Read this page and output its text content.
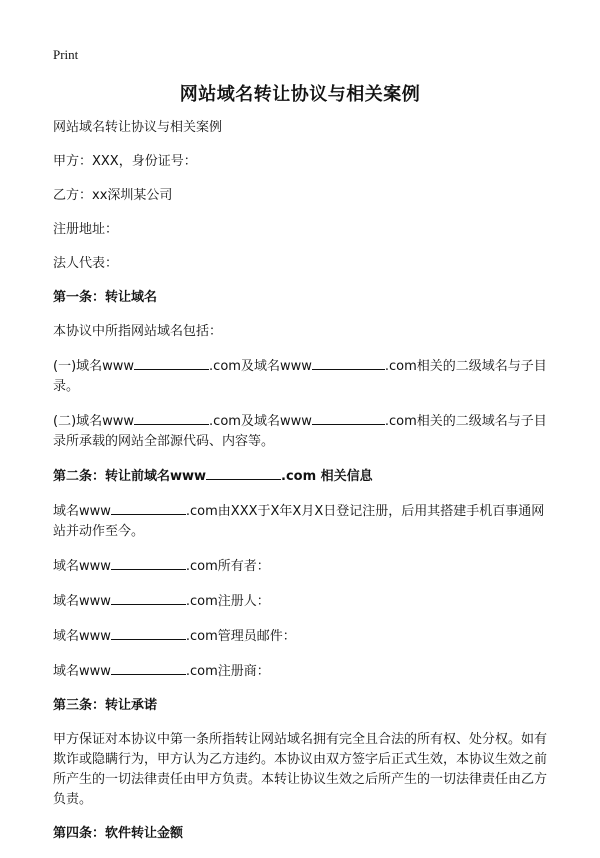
Print
网站域名转让协议与相关案例

网站域名转让协议与相关案例

甲方：XXX，身份证号：

乙方：xx深圳某公司

注册地址：

法人代表：

第一条：转让域名

本协议中所指网站域名包括：

(一)域名www	.com及域名www	.com相关的二级域名与子目录。

(二)域名www	.com及域名www	.com相关的二级域名与子目录所承载的网站全部源代码、内容等。

第二条：转让前域名www	.com 相关信息

域名www	.com由XXX于X年X月X日登记注册，后用其搭建手机百事通网站并动作至今。

域名www	.com所有者：

域名www	.com注册人：

域名www	.com管理员邮件：

域名www	.com注册商：

第三条：转让承诺

甲方保证对本协议中第一条所指转让网站域名拥有完全且合法的所有权、处分权。如有欺诈或隐瞒行为，甲方认为乙方违约。本协议由双方签字后正式生效，本协议生效之前所产生的一切法律责任由甲方负责。本转让协议生效之后所产生的一切法律责任由乙方负责。

第四条：软件转让金额
